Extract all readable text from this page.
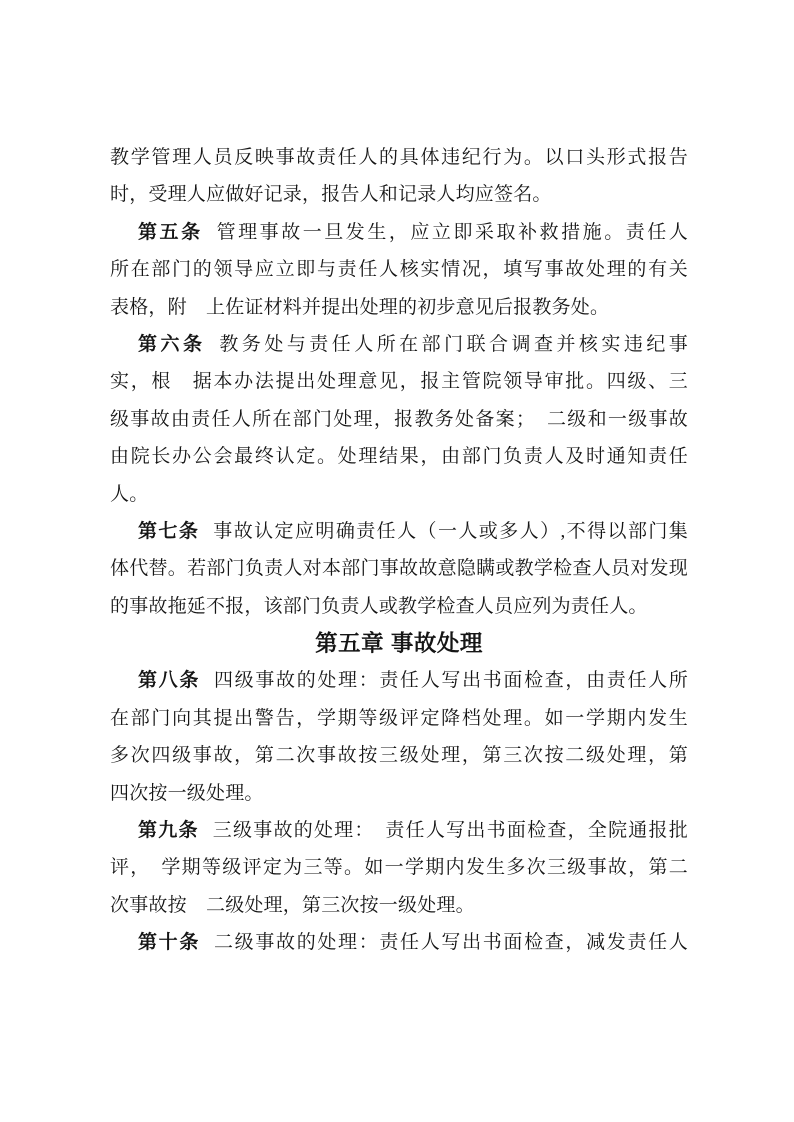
教学管理人员反映事故责任人的具体违纪行为。以口头形式报告
时，受理人应做好记录，报告人和记录人均应签名。
第五条 管理事故一旦发生，应立即采取补救措施。责任人
所在部门的领导应立即与责任人核实情况，填写事故处理的有关
表格，附　上佐证材料并提出处理的初步意见后报教务处。
第六条 教务处与责任人所在部门联合调查并核实违纪事
实，根　据本办法提出处理意见，报主管院领导审批。四级、三
级事故由责任人所在部门处理，报教务处备案；　二级和一级事故
由院长办公会最终认定。处理结果，由部门负责人及时通知责任
人。
第七条 事故认定应明确责任人（一人或多人）,不得以部门集
体代替。若部门负责人对本部门事故故意隐瞒或教学检查人员对发现
的事故拖延不报，该部门负责人或教学检查人员应列为责任人。
第五章 事故处理
第八条 四级事故的处理：责任人写出书面检查，由责任人所
在部门向其提出警告，学期等级评定降档处理。如一学期内发生
多次四级事故，第二次事故按三级处理，第三次按二级处理，第
四次按一级处理。
第九条 三级事故的处理：　责任人写出书面检查，全院通报批
评，　学期等级评定为三等。如一学期内发生多次三级事故，第二
次事故按　二级处理，第三次按一级处理。
第十条 二级事故的处理：责任人写出书面检查，减发责任人
